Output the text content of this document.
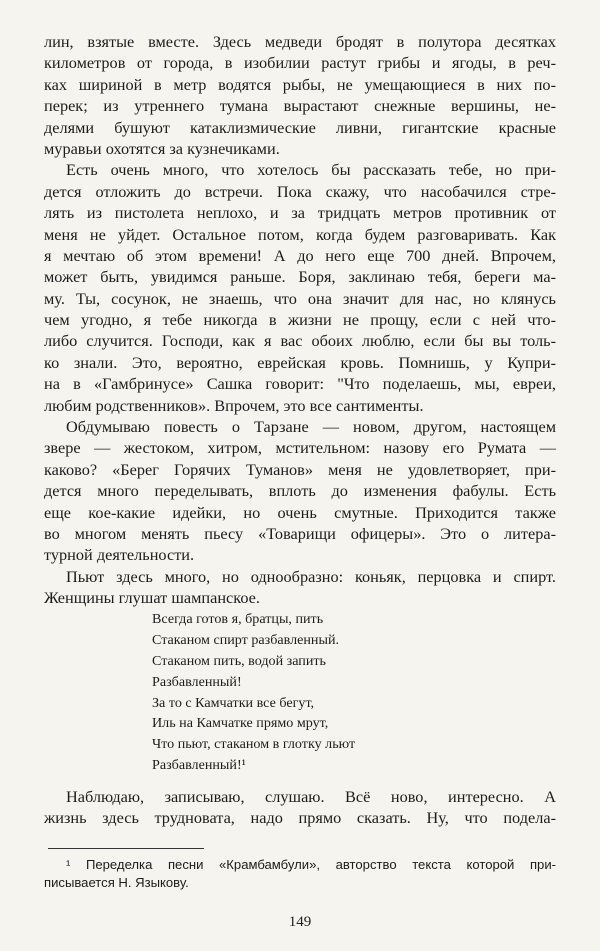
лин, взятые вместе. Здесь медведи бродят в полутора десятках
километров от города, в изобилии растут грибы и ягоды, в реч-
ках шириной в метр водятся рыбы, не умещающиеся в них по-
перек; из утреннего тумана вырастают снежные вершины, не-
делями бушуют катаклизмические ливни, гигантские красные
муравьи охотятся за кузнечиками.
Есть очень много, что хотелось бы рассказать тебе, но при-
дется отложить до встречи. Пока скажу, что насобачился стре-
лять из пистолета неплохо, и за тридцать метров противник от
меня не уйдет. Остальное потом, когда будем разговаривать. Как
я мечтаю об этом времени! А до него еще 700 дней. Впрочем,
может быть, увидимся раньше. Боря, заклинаю тебя, береги ма-
му. Ты, сосунок, не знаешь, что она значит для нас, но клянусь
чем угодно, я тебе никогда в жизни не прощу, если с ней что-
либо случится. Господи, как я вас обоих люблю, если бы вы толь-
ко знали. Это, вероятно, еврейская кровь. Помнишь, у Купри-
на в «Гамбринусе» Сашка говорит: "Что поделаешь, мы, евреи,
любим родственников». Впрочем, это все сантименты.
Обдумываю повесть о Тарзане — новом, другом, настоящем
звере — жестоком, хитром, мстительном: назову его Румата —
каково? «Берег Горячих Туманов» меня не удовлетворяет, при-
дется много переделывать, вплоть до изменения фабулы. Есть
еще кое-какие идейки, но очень смутные. Приходится также
во многом менять пьесу «Товарищи офицеры». Это о литера-
турной деятельности.
Пьют здесь много, но однообразно: коньяк, перцовка и спирт.
Женщины глушат шампанское.
Всегда готов я, братцы, пить
Стаканом спирт разбавленный.
Стаканом пить, водой запить
Разбавленный!
За то с Камчатки все бегут,
Иль на Камчатке прямо мрут,
Что пьют, стаканом в глотку льют
Разбавленный!¹
Наблюдаю, записываю, слушаю. Всё ново, интересно. А
жизнь здесь трудновата, надо прямо сказать. Ну, что подела-
¹ Переделка песни «Крамбамбули», авторство текста которой при-
писывается Н. Языкову.
149
